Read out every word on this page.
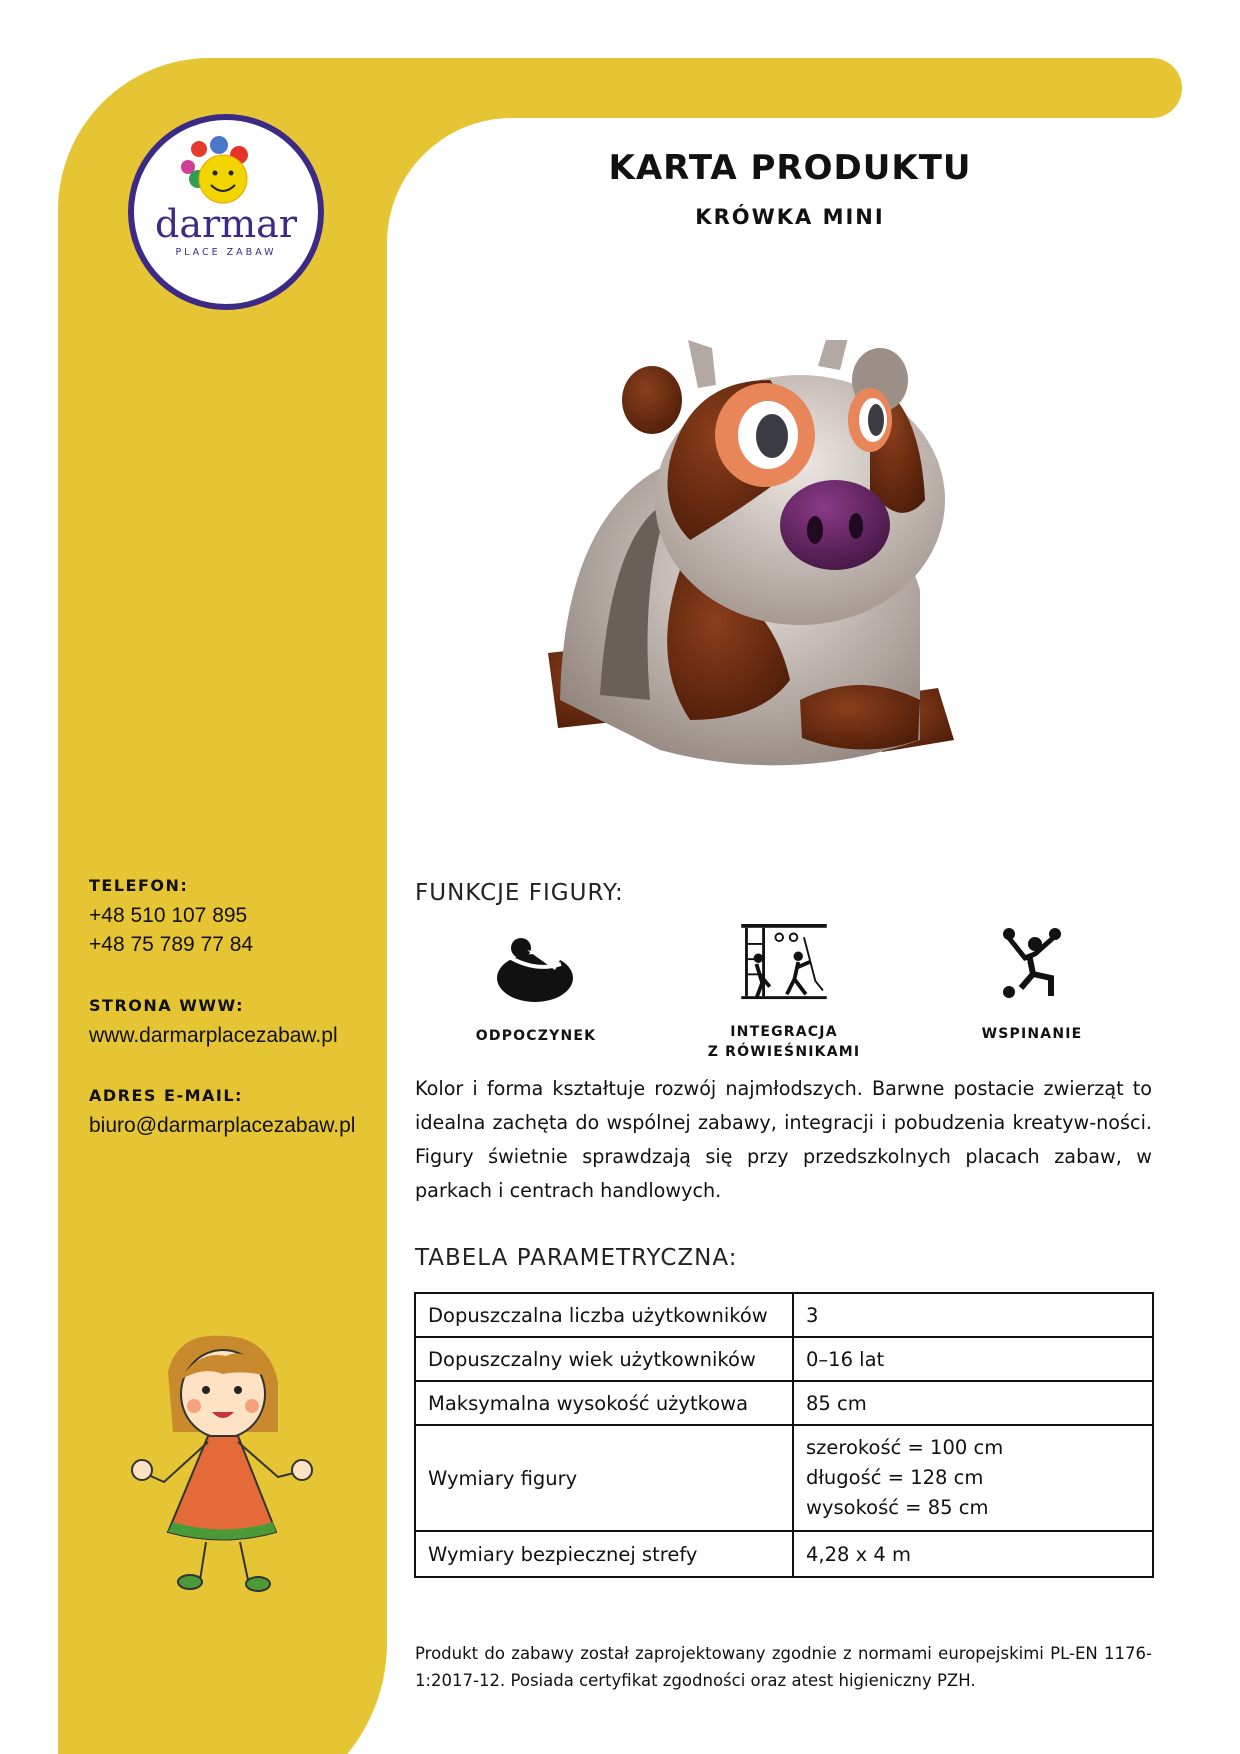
darmar
PLACE ZABAW
KARTA PRODUKTU
KRÓWKA MINI
TELEFON:
+48 510 107 895
+48 75 789 77 84
STRONA WWW:
www.darmarplacezabaw.pl
ADRES E-MAIL:
biuro@darmarplacezabaw.pl
FUNKCJE FIGURY:
ODPOCZYNEK	INTEGRACJA
Z RÓWIEŚNIKAMI
WSPINANIE
Kolor i forma kształtuje rozwój najmłodszych. Barwne postacie zwierząt to idealna zachęta do wspólnej zabawy, integracji i pobudzenia kreatyw-ności. Figury świetnie sprawdzają się przy przedszkolnych placach zabaw, w parkach i centrach handlowych.
TABELA PARAMETRYCZNA:
Dopuszczalna liczba użytkowników	3
Dopuszczalny wiek użytkowników	0–16 lat
Maksymalna wysokość użytkowa	85 cm
Wymiary figury	szerokość = 100 cm
długość = 128 cm
wysokość = 85 cm

Wymiary bezpiecznej strefy	4,28 x 4 m
Produkt do zabawy został zaprojektowany zgodnie z normami europejskimi PL-EN 1176-1:2017-12. Posiada certyfikat zgodności oraz atest higieniczny PZH.
